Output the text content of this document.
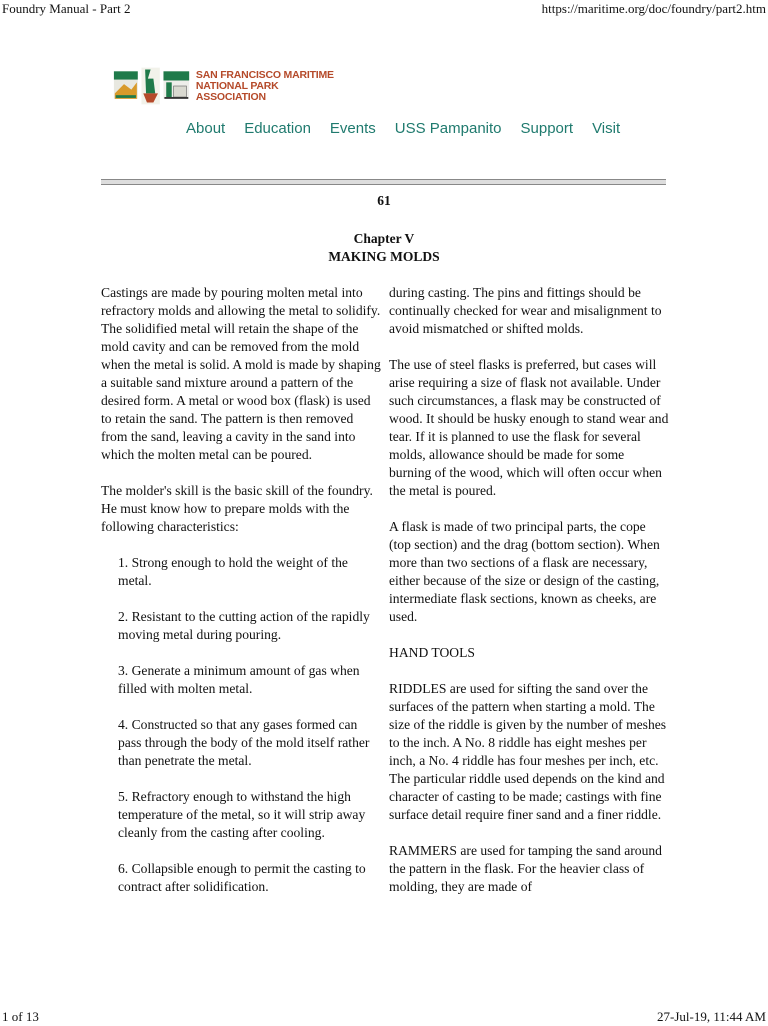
Foundry Manual - Part 2	https://maritime.org/doc/foundry/part2.htm
SAN FRANCISCO MARITIME
NATIONAL PARK ASSOCIATION
About Education Events USS Pampanito Support Visit
61
Chapter V
MAKING MOLDS

Castings are made by pouring molten metal into refractory molds and allowing the metal to solidify. The solidified metal will retain the shape of the mold cavity and can be removed from the mold when the metal is solid. A mold is made by shaping a suitable sand mixture around a pattern of the desired form. A metal or wood box (flask) is used to retain the sand. The pattern is then removed from the sand, leaving a cavity in the sand into which the molten metal can be poured.

The molder's skill is the basic skill of the foundry. He must know how to prepare molds with the following characteristics:

1. Strong enough to hold the weight of the metal.

2. Resistant to the cutting action of the rapidly moving metal during pouring.

3. Generate a minimum amount of gas when filled with molten metal.

4. Constructed so that any gases formed can pass through the body of the mold itself rather than penetrate the metal.

5. Refractory enough to withstand the high temperature of the metal, so it will strip away cleanly from the casting after cooling.

6. Collapsible enough to permit the casting to contract after solidification.

during casting. The pins and fittings should be continually checked for wear and misalignment to avoid mismatched or shifted molds.

The use of steel flasks is preferred, but cases will arise requiring a size of flask not available. Under such circumstances, a flask may be constructed of wood. It should be husky enough to stand wear and tear. If it is planned to use the flask for several molds, allowance should be made for some burning of the wood, which will often occur when the metal is poured.

A flask is made of two principal parts, the cope (top section) and the drag (bottom section). When more than two sections of a flask are necessary, either because of the size or design of the casting, intermediate flask sections, known as cheeks, are used.

HAND TOOLS

RIDDLES are used for sifting the sand over the surfaces of the pattern when starting a mold. The size of the riddle is given by the number of meshes to the inch. A No. 8 riddle has eight meshes per inch, a No. 4 riddle has four meshes per inch, etc. The particular riddle used depends on the kind and character of casting to be made; castings with fine surface detail require finer sand and a finer riddle.

RAMMERS are used for tamping the sand around the pattern in the flask. For the heavier class of molding, they are made of

1 of 13	27-Jul-19, 11:44 AM
